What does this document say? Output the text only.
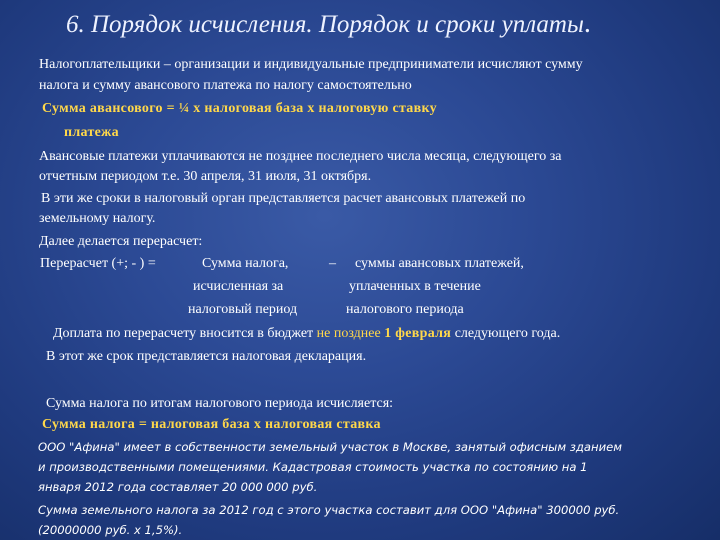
6. Порядок исчисления. Порядок и сроки уплаты.
Налогоплательщики – организации и индивидуальные предприниматели исчисляют сумму
налога и сумму авансового платежа по налогу самостоятельно
Сумма авансового = ¼ х налоговая база х налоговую ставку
платежа
Авансовые платежи уплачиваются не позднее последнего числа месяца, следующего за
отчетным периодом т.е. 30 апреля, 31 июля, 31 октября.
В эти же сроки в налоговый орган представляется расчет авансовых платежей по
земельному налогу.
Далее делается перерасчет:
Перерасчет (+; - ) =	Сумма налога,	– суммы авансовых платежей,
исчисленная за	уплаченных в течение
налоговый период	налогового периода
Доплата по перерасчету вносится в бюджет не позднее 1 февраля следующего года.
В этот же срок представляется налоговая декларация.
Сумма налога по итогам налогового периода исчисляется:
Сумма налога = налоговая база х налоговая ставка
ООО "Афина" имеет в собственности земельный участок в Москве, занятый офисным зданием
и производственными помещениями. Кадастровая стоимость участка по состоянию на 1
января 2012 года составляет 20 000 000 руб.
Сумма земельного налога за 2012 год с этого участка составит для ООО "Афина" 300000 руб.
(20000000 руб. х 1,5%).
